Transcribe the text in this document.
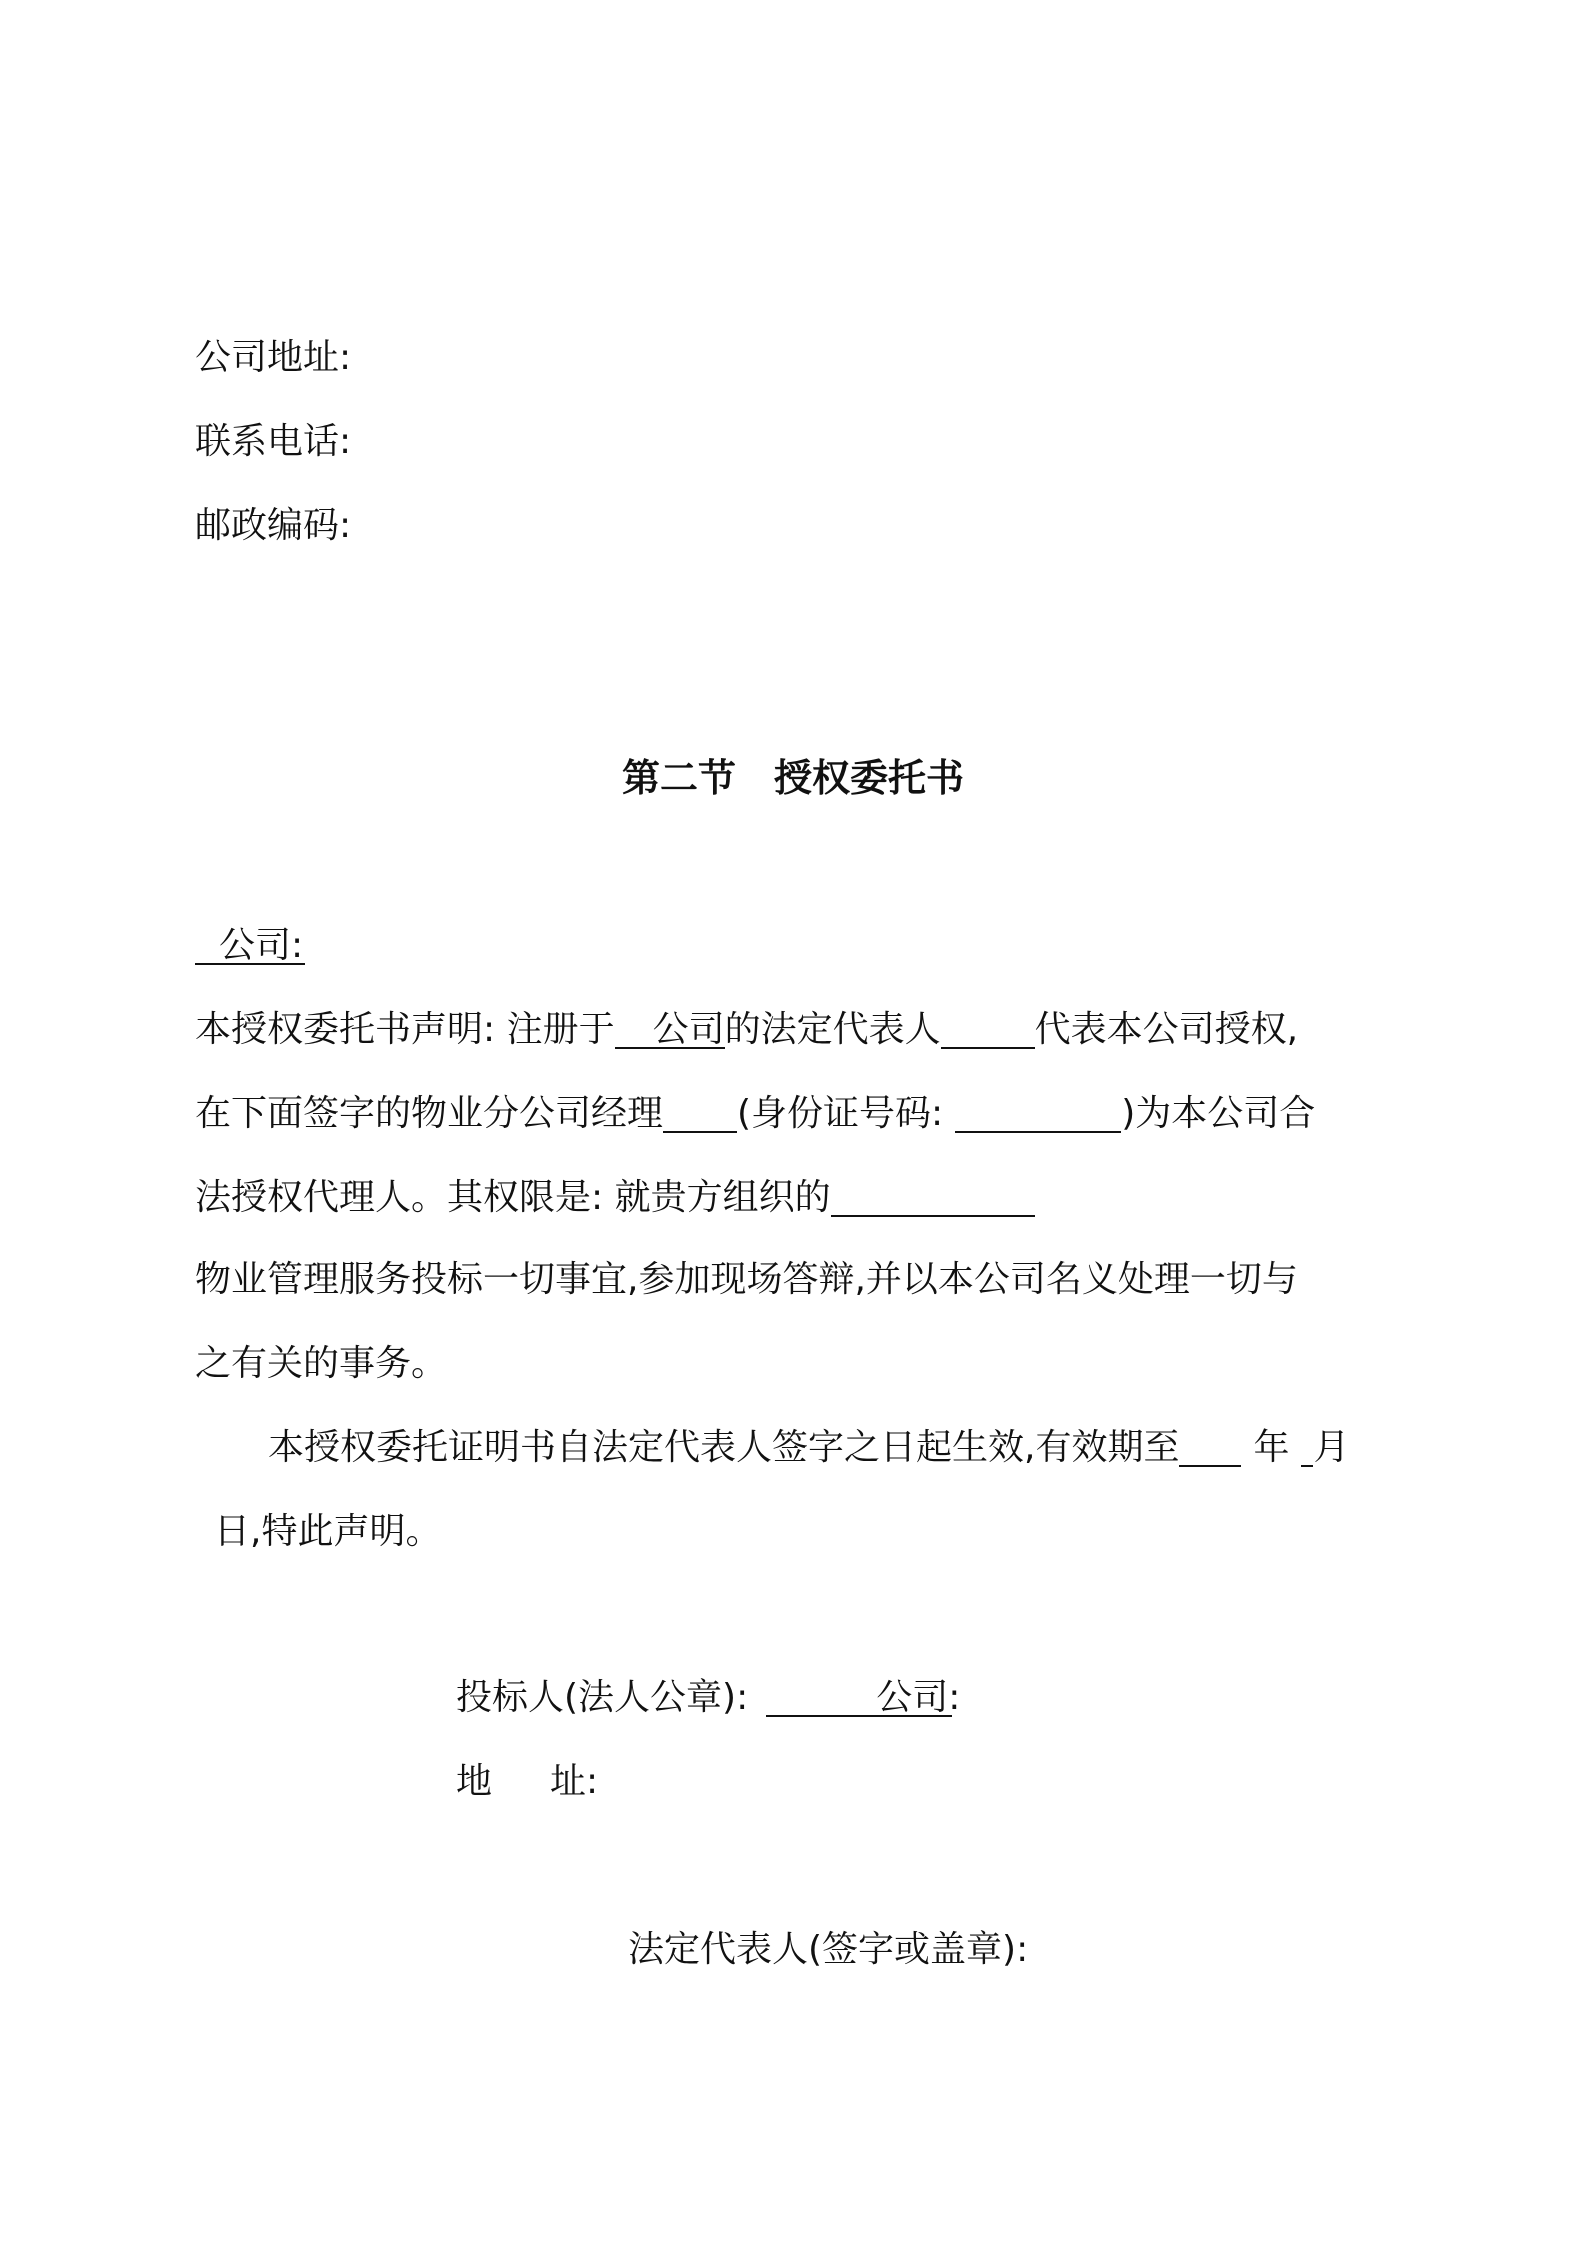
公司地址:
联系电话:
邮政编码:
第二节 授权委托书
公司:
本授权委托书声明: 注册于 公司的法定代表人	代表本公司授权,
在下面签字的物业分公司经理 (身份证号码:	)为本公司合
法授权代理人。其权限是: 就贵方组织的
物业管理服务投标一切事宜,参加现场答辩,并以本公司名义处理一切与
之有关的事务。
本授权委托证明书自法定代表人签字之日起生效,有效期至 年 月
日,特此声明。
投标人(法人公章):	公司:
地 址:
法定代表人(签字或盖章):
